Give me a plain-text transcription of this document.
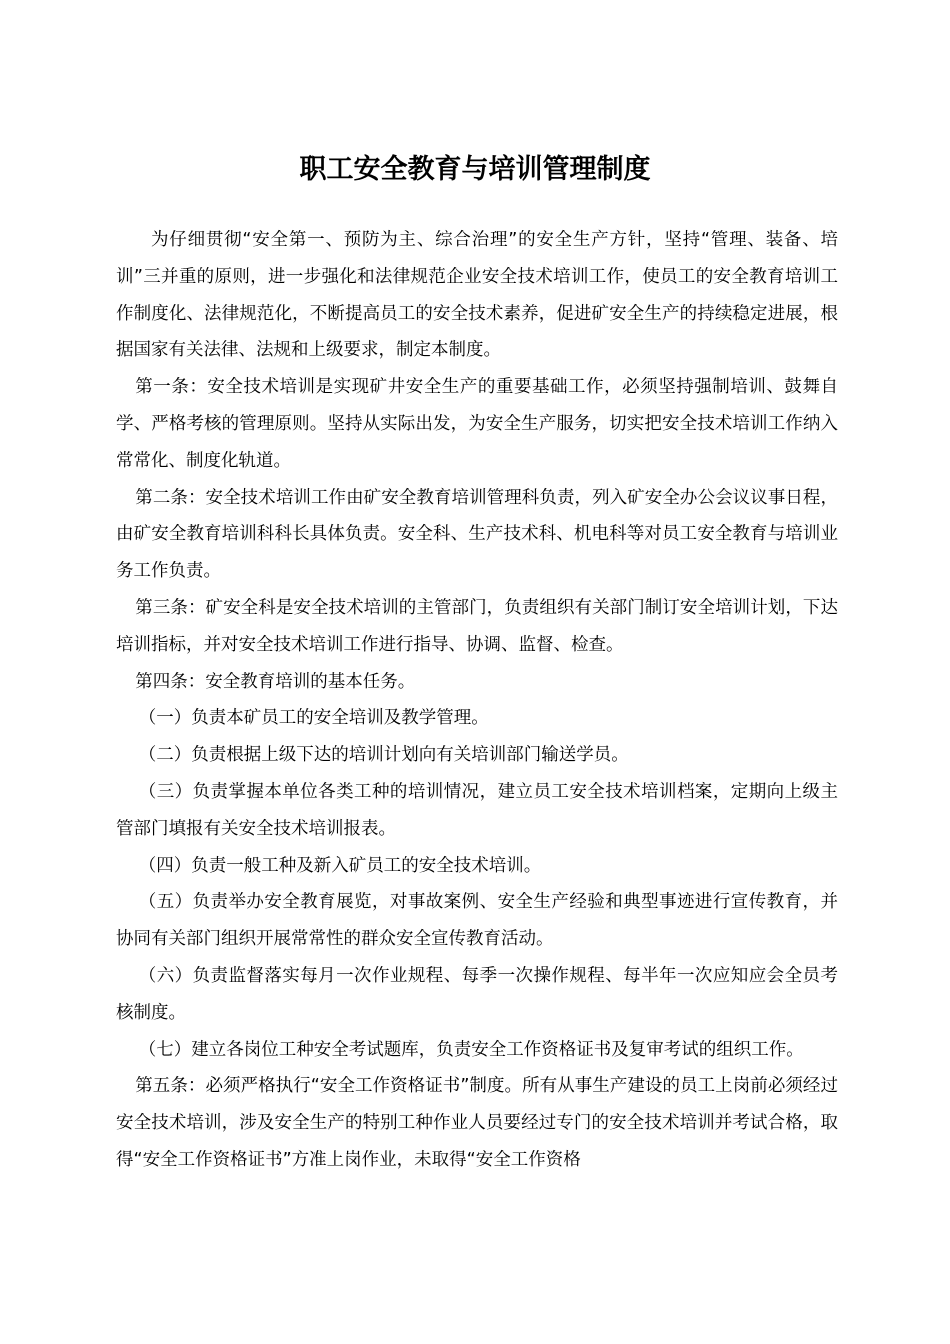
职工安全教育与培训管理制度

为仔细贯彻“安全第一、预防为主、综合治理”的安全生产方针，坚持“管理、装备、培训”三并重的原则，进一步强化和法律规范企业安全技术培训工作，使员工的安全教育培训工作制度化、法律规范化，不断提高员工的安全技术素养，促进矿安全生产的持续稳定进展，根据国家有关法律、法规和上级要求，制定本制度。

第一条：安全技术培训是实现矿井安全生产的重要基础工作，必须坚持强制培训、鼓舞自学、严格考核的管理原则。坚持从实际出发，为安全生产服务，切实把安全技术培训工作纳入常常化、制度化轨道。

第二条：安全技术培训工作由矿安全教育培训管理科负责，列入矿安全办公会议议事日程，由矿安全教育培训科科长具体负责。安全科、生产技术科、机电科等对员工安全教育与培训业务工作负责。

第三条：矿安全科是安全技术培训的主管部门，负责组织有关部门制订安全培训计划，下达培训指标，并对安全技术培训工作进行指导、协调、监督、检查。

第四条：安全教育培训的基本任务。

（一）负责本矿员工的安全培训及教学管理。

（二）负责根据上级下达的培训计划向有关培训部门输送学员。

（三）负责掌握本单位各类工种的培训情况，建立员工安全技术培训档案，定期向上级主管部门填报有关安全技术培训报表。

（四）负责一般工种及新入矿员工的安全技术培训。

（五）负责举办安全教育展览，对事故案例、安全生产经验和典型事迹进行宣传教育，并协同有关部门组织开展常常性的群众安全宣传教育活动。

（六）负责监督落实每月一次作业规程、每季一次操作规程、每半年一次应知应会全员考核制度。

（七）建立各岗位工种安全考试题库，负责安全工作资格证书及复审考试的组织工作。

第五条：必须严格执行“安全工作资格证书”制度。所有从事生产建设的员工上岗前必须经过安全技术培训，涉及安全生产的特别工种作业人员要经过专门的安全技术培训并考试合格，取得“安全工作资格证书”方准上岗作业，未取得“安全工作资格
